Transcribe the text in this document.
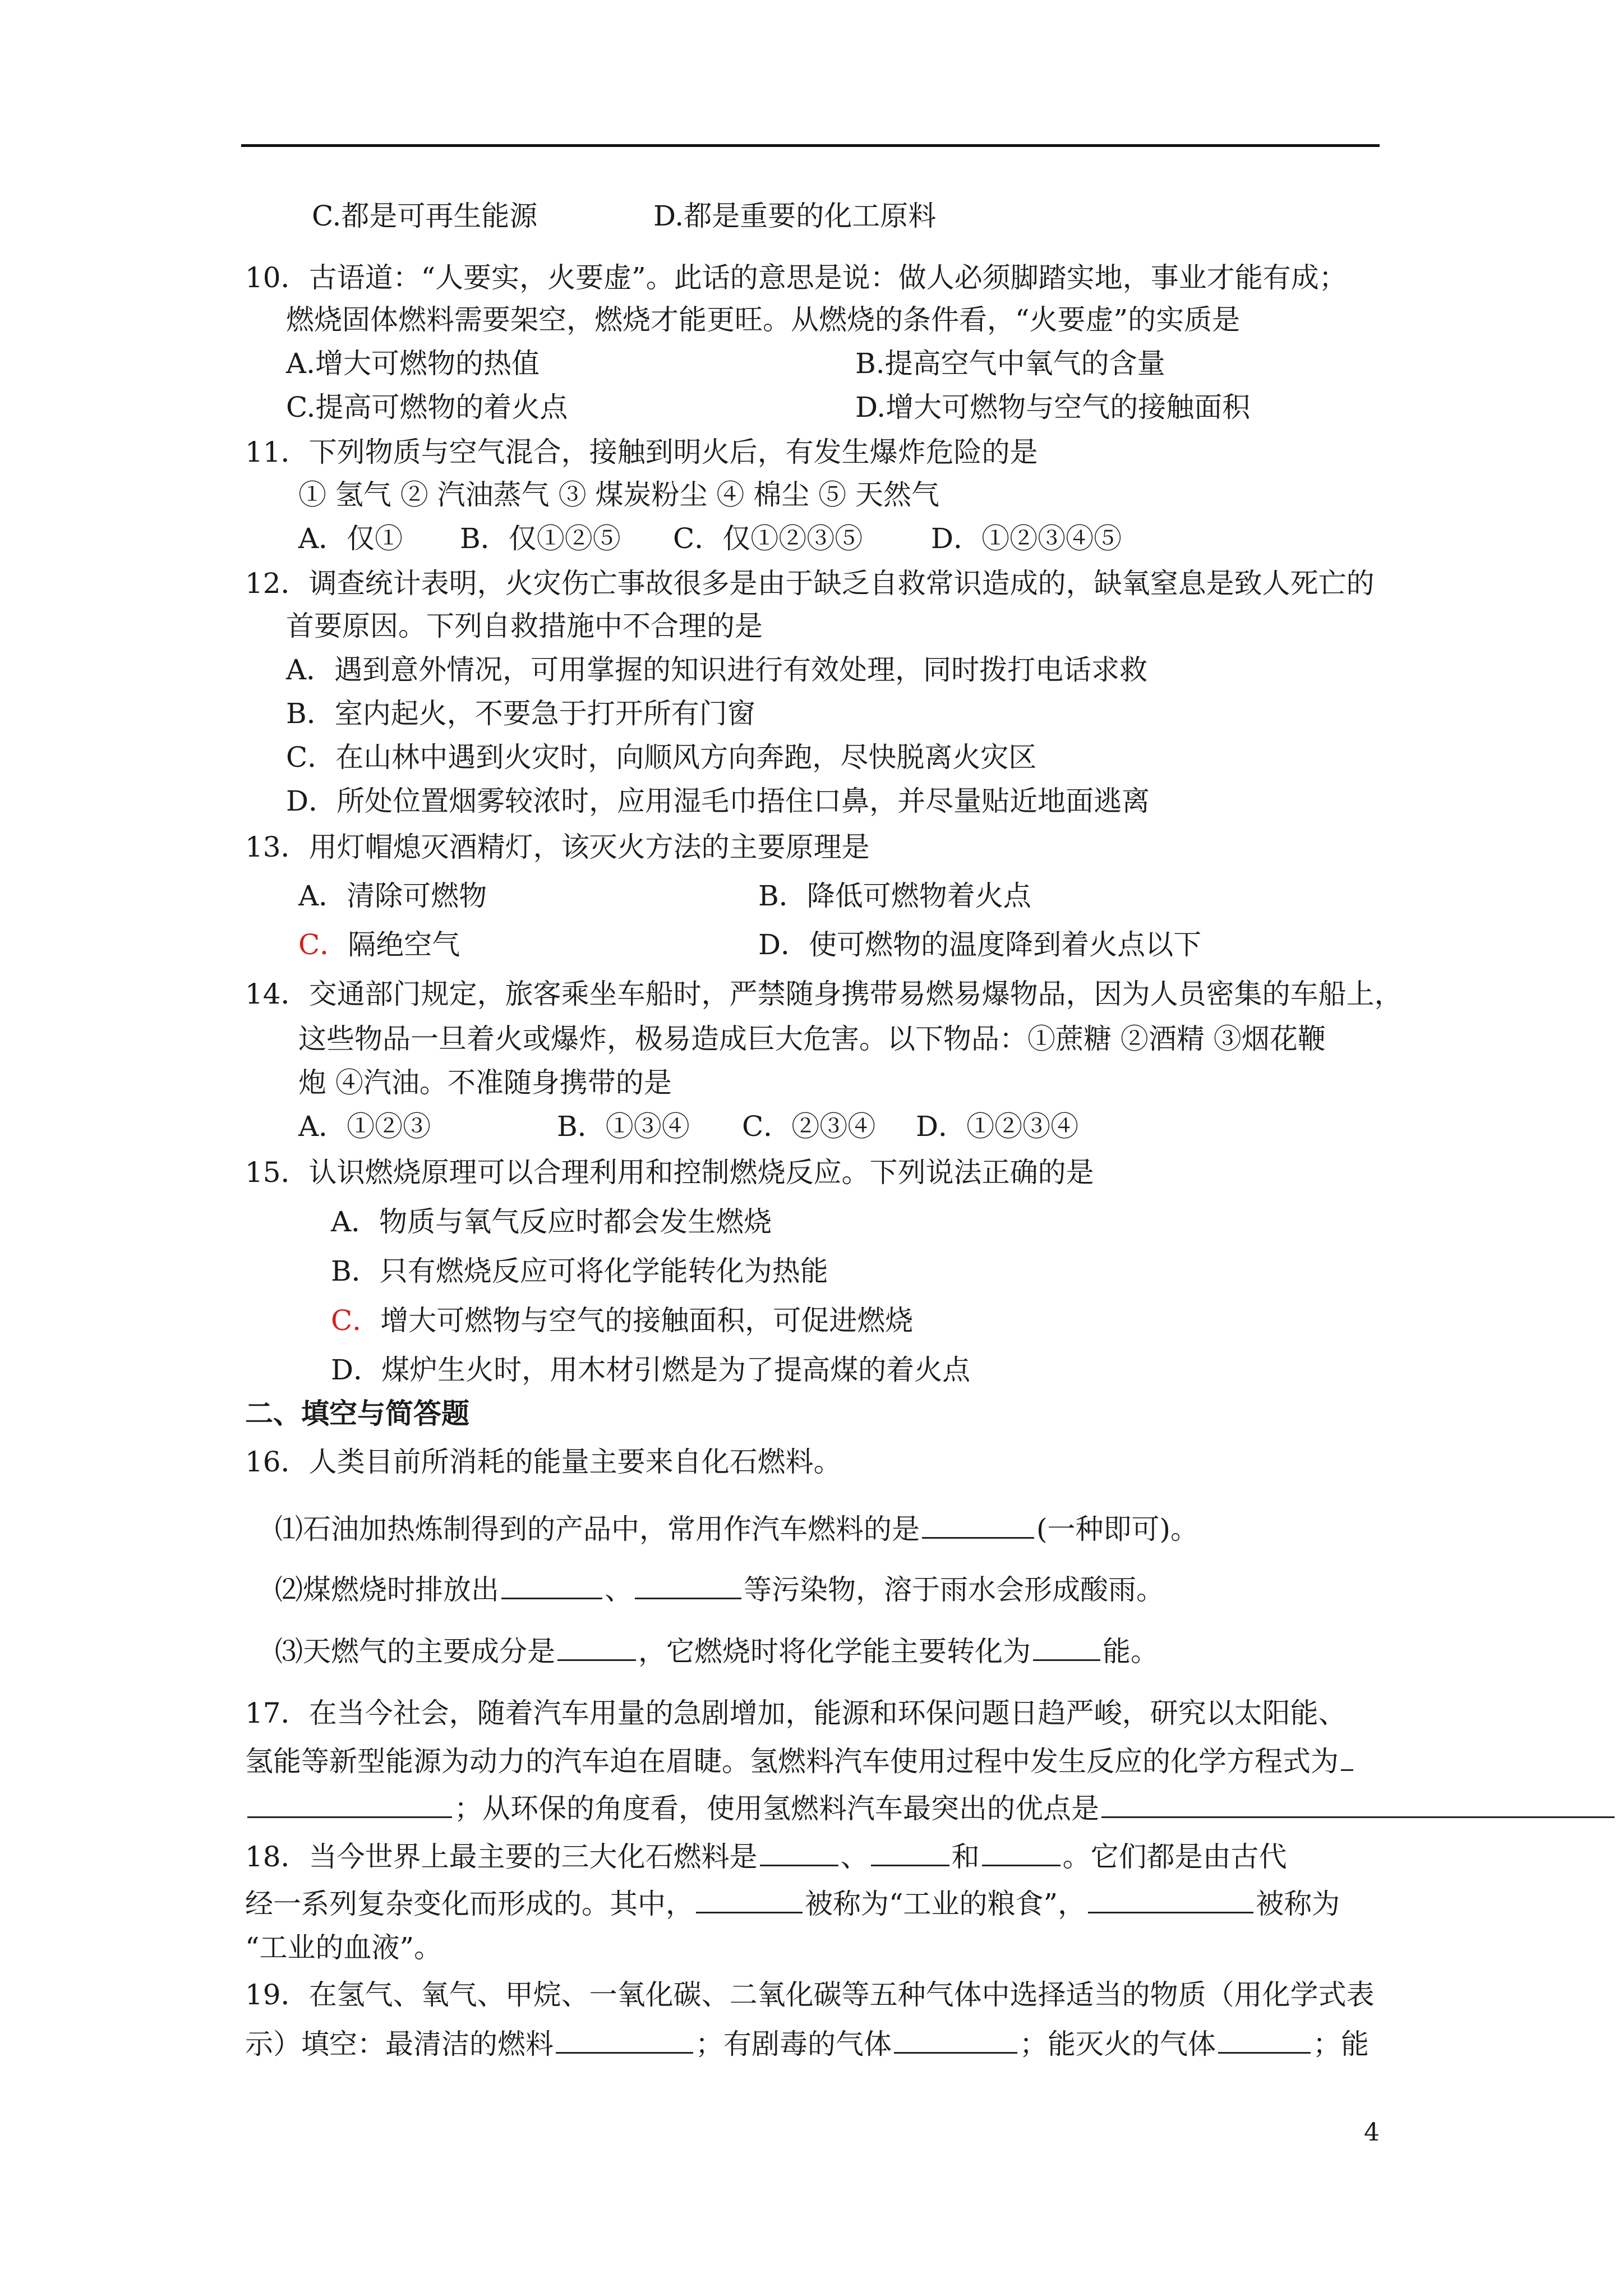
C.都是可再生能源	D.都是重要的化工原料
10．古语道：“人要实，火要虚”。此话的意思是说：做人必须脚踏实地，事业才能有成；
燃烧固体燃料需要架空，燃烧才能更旺。从燃烧的条件看，“火要虚”的实质是
A.增大可燃物的热值	B.提高空气中氧气的含量
C.提高可燃物的着火点	D.增大可燃物与空气的接触面积
11．下列物质与空气混合，接触到明火后，有发生爆炸危险的是
① 氢气 ② 汽油蒸气 ③ 煤炭粉尘 ④ 棉尘 ⑤ 天然气
A．仅① B．仅①②⑤ C．仅①②③⑤ D．①②③④⑤
12．调查统计表明，火灾伤亡事故很多是由于缺乏自救常识造成的，缺氧窒息是致人死亡的
首要原因。下列自救措施中不合理的是
A．遇到意外情况，可用掌握的知识进行有效处理，同时拨打电话求救
B．室内起火，不要急于打开所有门窗
C．在山林中遇到火灾时，向顺风方向奔跑，尽快脱离火灾区
D．所处位置烟雾较浓时，应用湿毛巾捂住口鼻，并尽量贴近地面逃离
13．用灯帽熄灭酒精灯，该灭火方法的主要原理是
A．清除可燃物	B．降低可燃物着火点
C．隔绝空气	D．使可燃物的温度降到着火点以下
14．交通部门规定，旅客乘坐车船时，严禁随身携带易燃易爆物品，因为人员密集的车船上，
这些物品一旦着火或爆炸，极易造成巨大危害。以下物品：①蔗糖 ②酒精 ③烟花鞭
炮 ④汽油。不准随身携带的是
A．①②③	B．①③④ C．②③④ D．①②③④
15．认识燃烧原理可以合理利用和控制燃烧反应。下列说法正确的是
A．物质与氧气反应时都会发生燃烧
B．只有燃烧反应可将化学能转化为热能
C．增大可燃物与空气的接触面积，可促进燃烧
D．煤炉生火时，用木材引燃是为了提高煤的着火点
二、填空与简答题
16．人类目前所消耗的能量主要来自化石燃料。
⑴石油加热炼制得到的产品中，常用作汽车燃料的是	(一种即可)。
⑵煤燃烧时排放出	、	等污染物，溶于雨水会形成酸雨。
⑶天燃气的主要成分是	，它燃烧时将化学能主要转化为	能。
17．在当今社会，随着汽车用量的急剧增加，能源和环保问题日趋严峻，研究以太阳能、
氢能等新型能源为动力的汽车迫在眉睫。氢燃料汽车使用过程中发生反应的化学方程式为
；从环保的角度看，使用氢燃料汽车最突出的优点是
18．当今世界上最主要的三大化石燃料是	、	和	。它们都是由古代
经一系列复杂变化而形成的。其中，	被称为“工业的粮食”，	被称为
“工业的血液”。
19．在氢气、氧气、甲烷、一氧化碳、二氧化碳等五种气体中选择适当的物质（用化学式表
示）填空：最清洁的燃料	；有剧毒的气体	；能灭火的气体	；能
4
